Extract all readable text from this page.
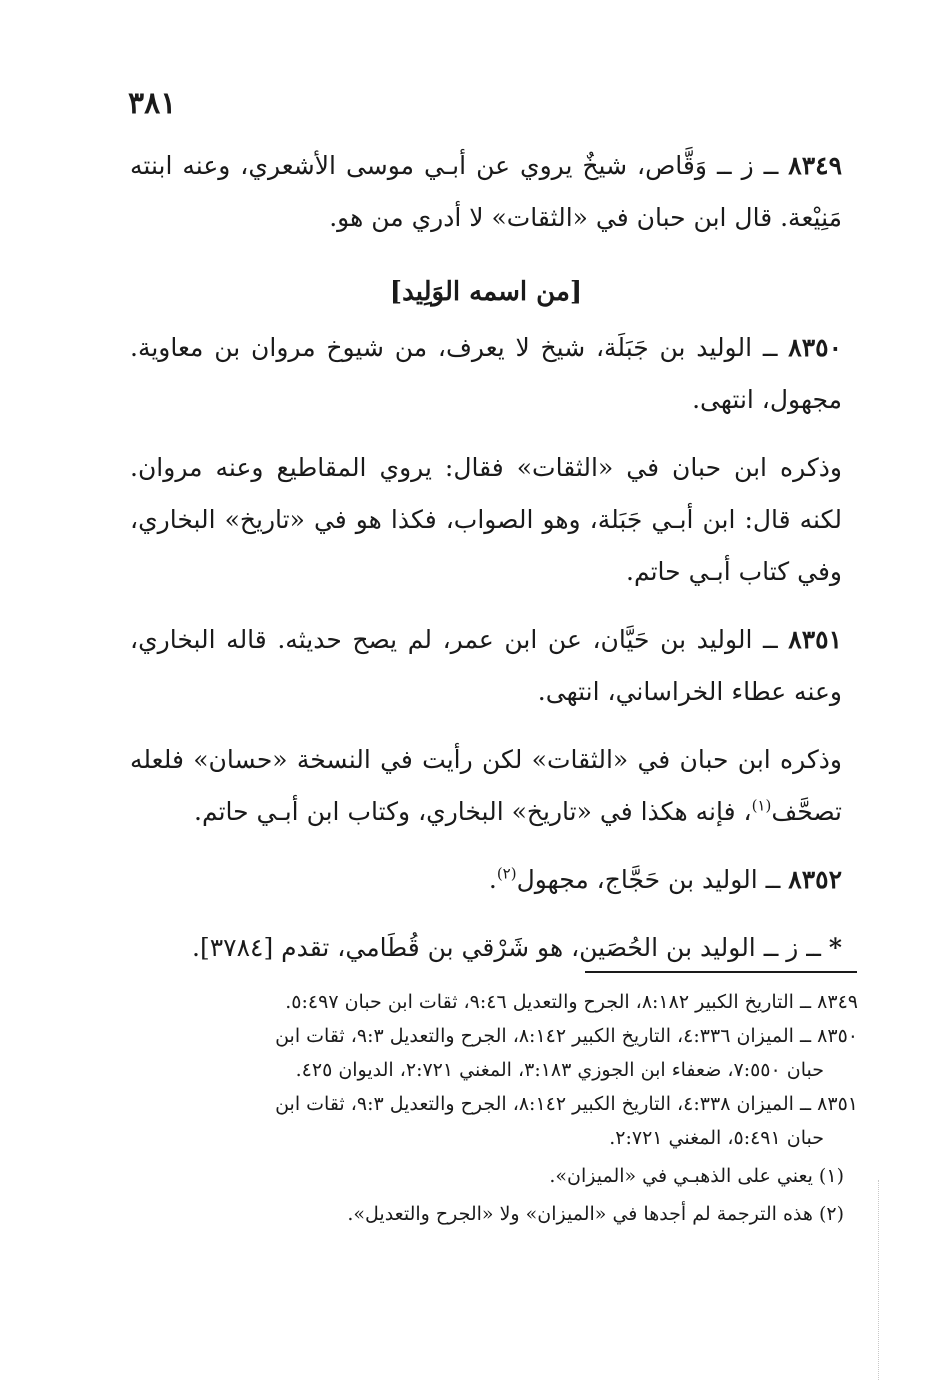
٣٨١

٨٣٤٩ ــ ز ــ وَقَّاص، شيخٌ يروي عن أبـي موسى الأشعري، وعنه ابنته مَنِيْعة. قال ابن حبان في «الثقات» لا أدري من هو.

[من اسمه الوَلِيد]

٨٣٥٠ ــ الوليد بن جَبَلَة، شيخ لا يعرف، من شيوخ مروان بن معاوية. مجهول، انتهى.

وذكره ابن حبان في «الثقات» فقال: يروي المقاطيع وعنه مروان. لكنه قال: ابن أبـي جَبَلة، وهو الصواب، فكذا هو في «تاريخ» البخاري، وفي كتاب أبـي حاتم.

٨٣٥١ ــ الوليد بن حَيَّان، عن ابن عمر، لم يصح حديثه. قاله البخاري، وعنه عطاء الخراساني، انتهى.

وذكره ابن حبان في «الثقات» لكن رأيت في النسخة «حسان» فلعله تصحَّف$^{(١)}$، فإنه هكذا في «تاريخ» البخاري، وكتاب ابن أبـي حاتم.

٨٣٥٢ ــ الوليد بن حَجَّاج، مجهول$^{(٢)}$.

* ــ ز ــ الوليد بن الحُصَين، هو شَرْقي بن قُطَامي، تقدم [٣٧٨٤].

٨٣٤٩ ــ التاريخ الكبير ٨:١٨٢، الجرح والتعديل ٩:٤٦، ثقات ابن حبان ٥:٤٩٧.

٨٣٥٠ ــ الميزان ٤:٣٣٦، التاريخ الكبير ٨:١٤٢، الجرح والتعديل ٩:٣، ثقات ابن

حبان ٧:٥٥٠، ضعفاء ابن الجوزي ٣:١٨٣، المغني ٢:٧٢١، الديوان ٤٢٥.

٨٣٥١ ــ الميزان ٤:٣٣٨، التاريخ الكبير ٨:١٤٢، الجرح والتعديل ٩:٣، ثقات ابن

حبان ٥:٤٩١، المغني ٢:٧٢١.

(١) يعني على الذهبـي في «الميزان».

(٢) هذه الترجمة لم أجدها في «الميزان» ولا «الجرح والتعديل».
